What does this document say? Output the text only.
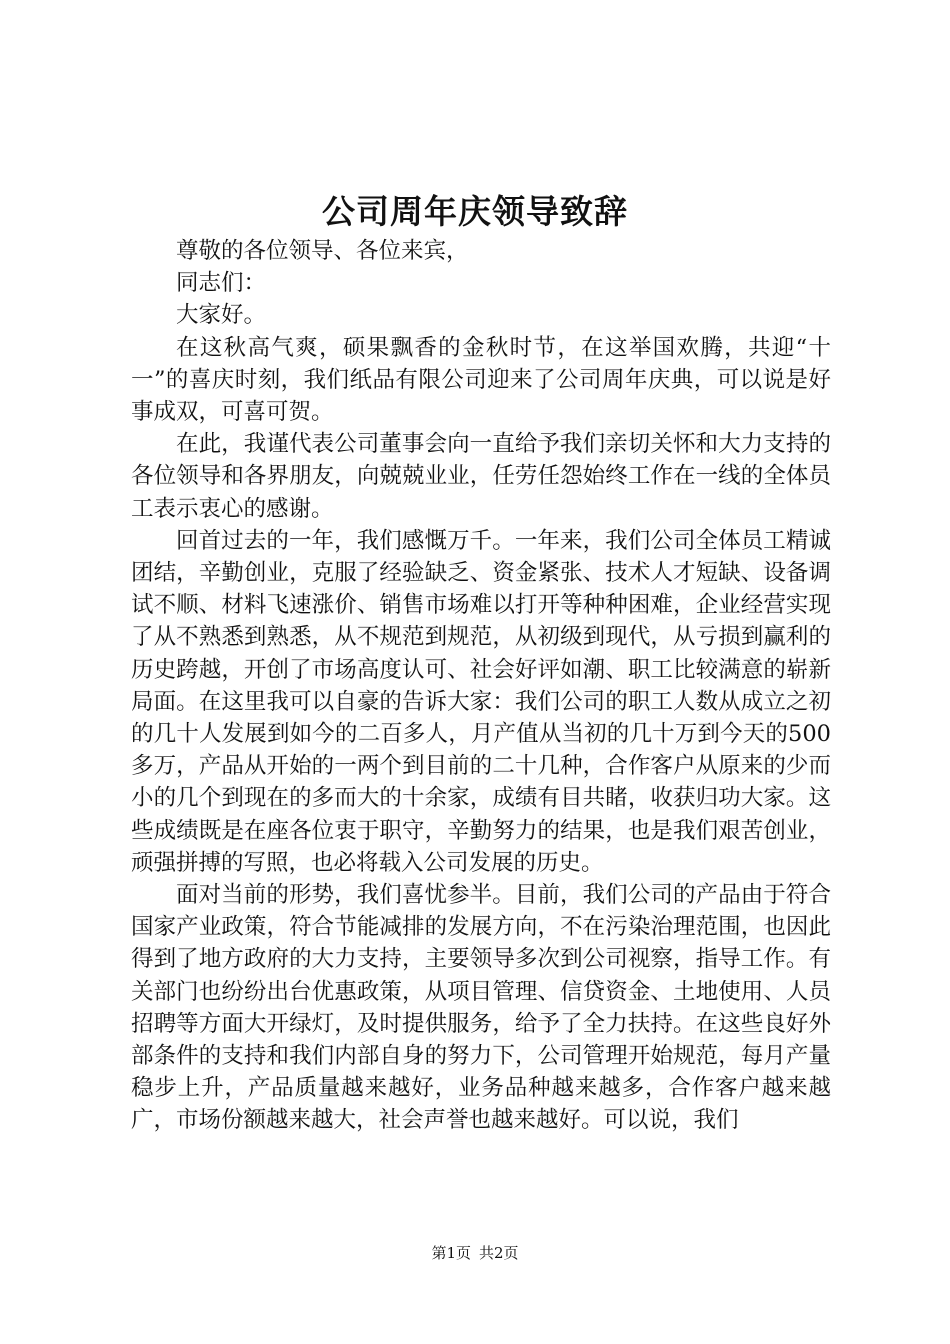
公司周年庆领导致辞

尊敬的各位领导、各位来宾，

同志们：

大家好。

在这秋高气爽，硕果飘香的金秋时节，在这举国欢腾，共迎“十一”的喜庆时刻，我们纸品有限公司迎来了公司周年庆典，可以说是好事成双，可喜可贺。

在此，我谨代表公司董事会向一直给予我们亲切关怀和大力支持的各位领导和各界朋友，向兢兢业业，任劳任怨始终工作在一线的全体员工表示衷心的感谢。

回首过去的一年，我们感慨万千。一年来，我们公司全体员工精诚团结，辛勤创业，克服了经验缺乏、资金紧张、技术人才短缺、设备调试不顺、材料飞速涨价、销售市场难以打开等种种困难，企业经营实现了从不熟悉到熟悉，从不规范到规范，从初级到现代，从亏损到赢利的历史跨越，开创了市场高度认可、社会好评如潮、职工比较满意的崭新局面。在这里我可以自豪的告诉大家：我们公司的职工人数从成立之初的几十人发展到如今的二百多人，月产值从当初的几十万到今天的500多万，产品从开始的一两个到目前的二十几种，合作客户从原来的少而小的几个到现在的多而大的十余家，成绩有目共睹，收获归功大家。这些成绩既是在座各位衷于职守，辛勤努力的结果，也是我们艰苦创业，顽强拼搏的写照，也必将载入公司发展的历史。

面对当前的形势，我们喜忧参半。目前，我们公司的产品由于符合国家产业政策，符合节能减排的发展方向，不在污染治理范围，也因此得到了地方政府的大力支持，主要领导多次到公司视察，指导工作。有关部门也纷纷出台优惠政策，从项目管理、信贷资金、土地使用、人员招聘等方面大开绿灯，及时提供服务，给予了全力扶持。在这些良好外部条件的支持和我们内部自身的努力下，公司管理开始规范，每月产量稳步上升，产品质量越来越好，业务品种越来越多，合作客户越来越广，市场份额越来越大，社会声誉也越来越好。可以说，我们

第1页 共2页
